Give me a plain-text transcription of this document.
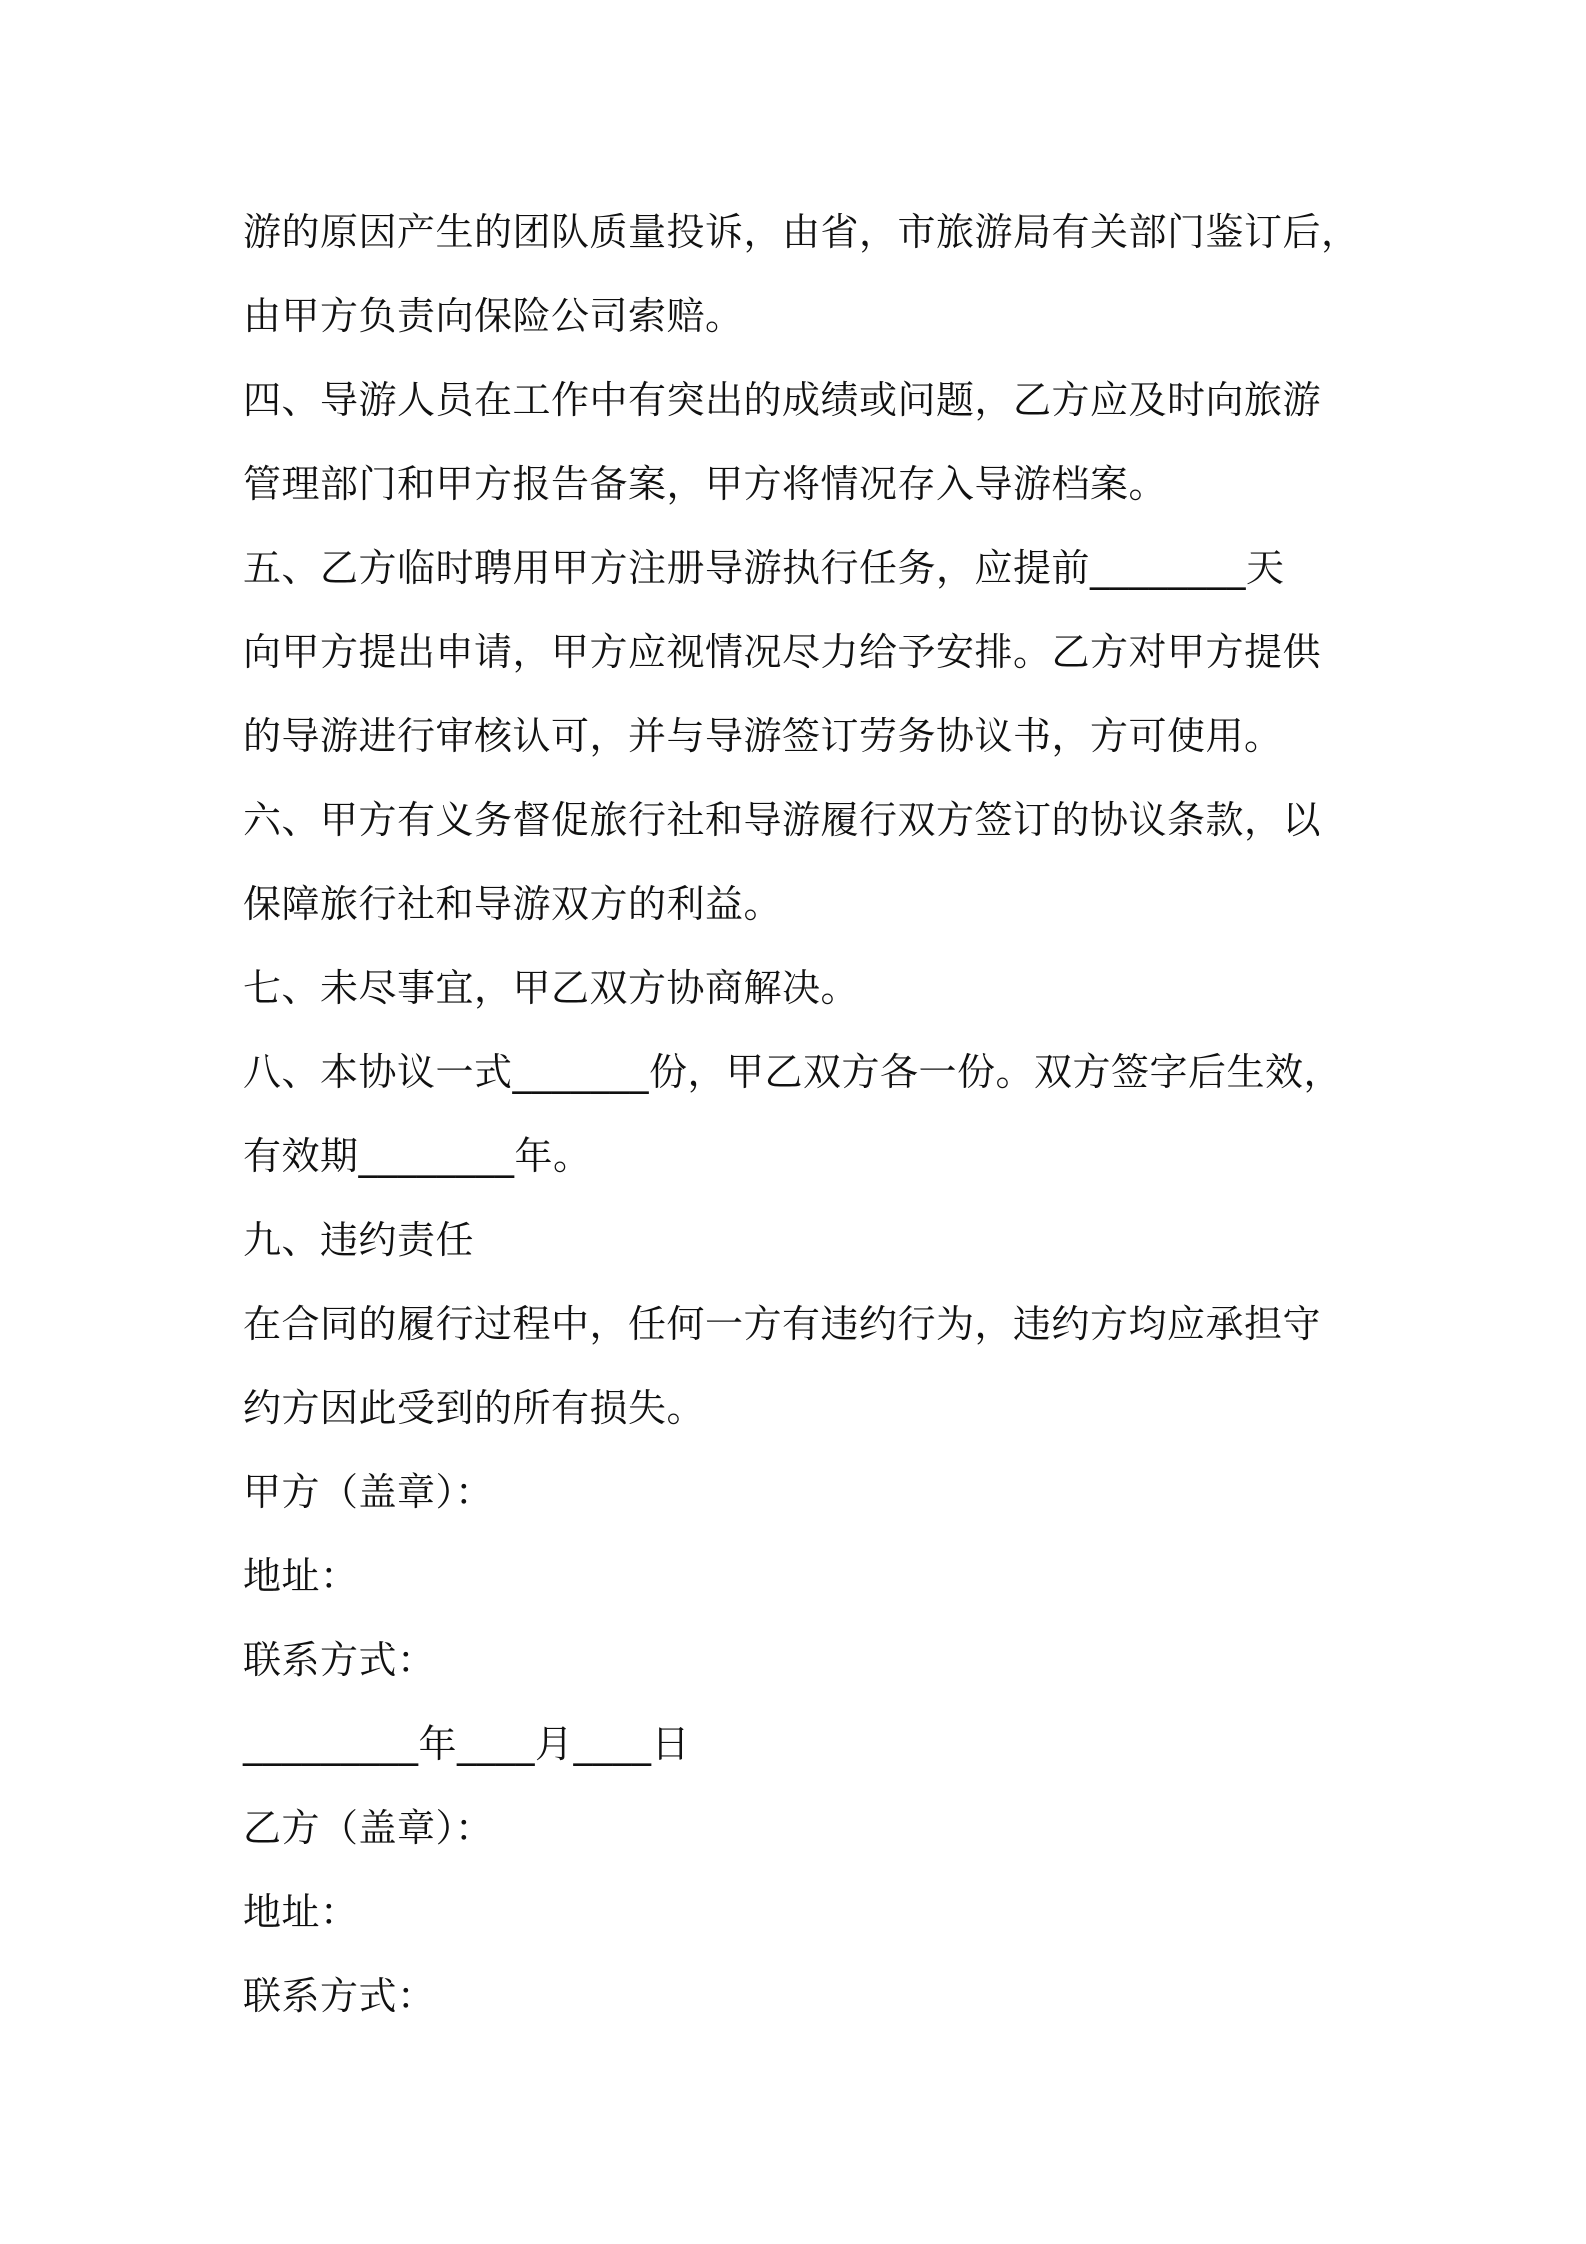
游的原因产生的团队质量投诉，由省，市旅游局有关部门鉴订后，

由甲方负责向保险公司索赔。

四、导游人员在工作中有突出的成绩或问题，乙方应及时向旅游

管理部门和甲方报告备案，甲方将情况存入导游档案。

五、乙方临时聘用甲方注册导游执行任务，应提前________天

向甲方提出申请，甲方应视情况尽力给予安排。乙方对甲方提供

的导游进行审核认可，并与导游签订劳务协议书，方可使用。

六、甲方有义务督促旅行社和导游履行双方签订的协议条款，以

保障旅行社和导游双方的利益。

七、未尽事宜，甲乙双方协商解决。

八、本协议一式_______份，甲乙双方各一份。双方签字后生效，

有效期________年。

九、违约责任

在合同的履行过程中，任何一方有违约行为，违约方均应承担守

约方因此受到的所有损失。

甲方（盖章）：

地址：

联系方式：

_________年____月____日

乙方（盖章）：

地址：

联系方式：
